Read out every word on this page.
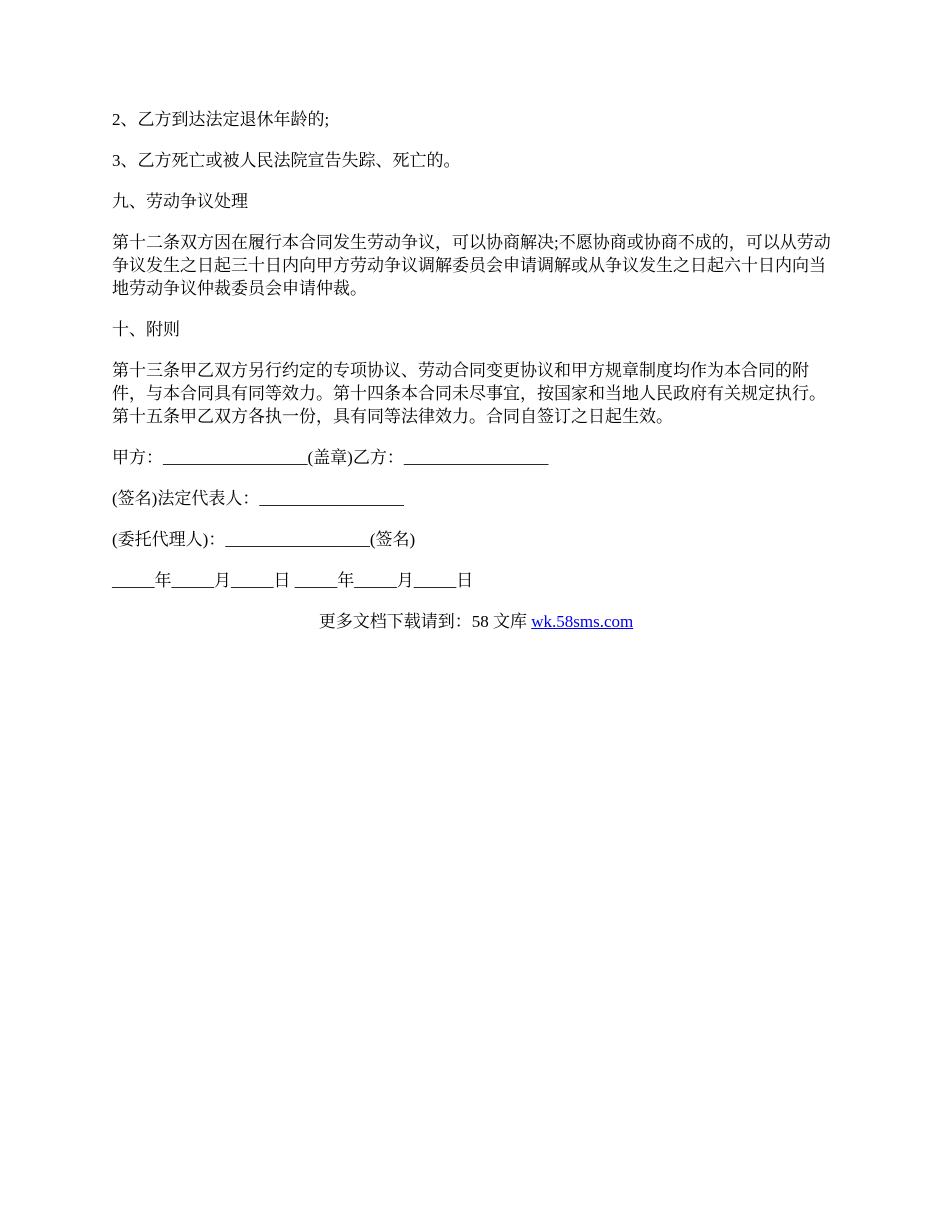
2、乙方到达法定退休年龄的;

3、乙方死亡或被人民法院宣告失踪、死亡的。

九、劳动争议处理

第十二条双方因在履行本合同发生劳动争议，可以协商解决;不愿协商或协商不成的，可以从劳动争议发生之日起三十日内向甲方劳动争议调解委员会申请调解或从争议发生之日起六十日内向当地劳动争议仲裁委员会申请仲裁。

十、附则

第十三条甲乙双方另行约定的专项协议、劳动合同变更协议和甲方规章制度均作为本合同的附件，与本合同具有同等效力。第十四条本合同未尽事宜，按国家和当地人民政府有关规定执行。第十五条甲乙双方各执一份，具有同等法律效力。合同自签订之日起生效。

甲方：_________________(盖章)乙方：_________________

(签名)法定代表人：_________________

(委托代理人)：_________________(签名)

_____年_____月_____日 _____年_____月_____日

更多文档下载请到：58 文库 wk.58sms.com
